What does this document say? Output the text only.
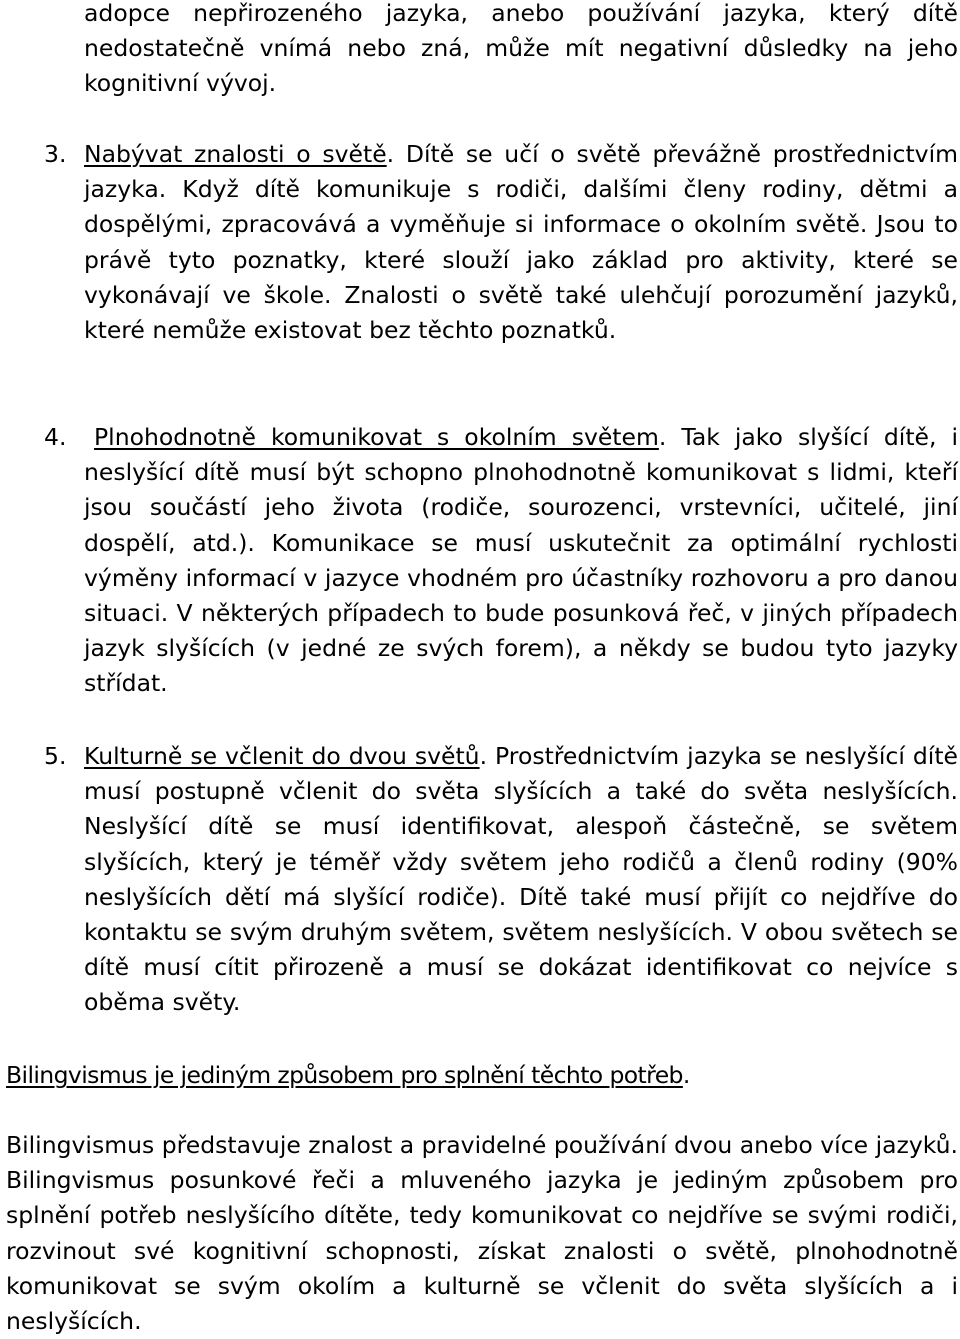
adopce nepřirozeného jazyka, anebo používání jazyka, který dítě nedostatečně vnímá nebo zná, může mít negativní důsledky na jeho kognitivní vývoj.

3. Nabývat znalosti o světě. Dítě se učí o světě převážně prostřednictvím jazyka. Když dítě komunikuje s rodiči, dalšími členy rodiny, dětmi a dospělými, zpracovává a vyměňuje si informace o okolním světě. Jsou to právě tyto poznatky, které slouží jako základ pro aktivity, které se vykonávají ve škole. Znalosti o světě také ulehčují porozumění jazyků, které nemůže existovat bez těchto poznatků.

4.	Plnohodnotně komunikovat s okolním světem. Tak jako slyšící dítě, i neslyšící dítě musí být schopno plnohodnotně komunikovat s lidmi, kteří jsou součástí jeho života (rodiče, sourozenci, vrstevníci, učitelé, jiní dospělí, atd.). Komunikace se musí uskutečnit za optimální rychlosti výměny informací v jazyce vhodném pro účastníky rozhovoru a pro danou situaci. V některých případech to bude posunková řeč, v jiných případech jazyk slyšících (v jedné ze svých forem), a někdy se budou tyto jazyky střídat.

5. Kulturně se včlenit do dvou světů. Prostřednictvím jazyka se neslyšící dítě musí postupně včlenit do světa slyšících a také do světa neslyšících. Neslyšící dítě se musí identifikovat, alespoň částečně, se světem slyšících, který je téměř vždy světem jeho rodičů a členů rodiny (90% neslyšících dětí má slyšící rodiče). Dítě také musí přijít co nejdříve do kontaktu se svým druhým světem, světem neslyšících. V obou světech se dítě musí cítit přirozeně a musí se dokázat identifikovat co nejvíce s oběma světy.

Bilingvismus je jediným způsobem pro splnění těchto potřeb.

Bilingvismus představuje znalost a pravidelné používání dvou anebo více jazyků. Bilingvismus posunkové řeči a mluveného jazyka je jediným způsobem pro splnění potřeb neslyšícího dítěte, tedy komunikovat co nejdříve se svými rodiči, rozvinout své kognitivní schopnosti, získat znalosti o světě, plnohodnotně komunikovat se svým okolím a kulturně se včlenit do světa slyšících a i neslyšících.
